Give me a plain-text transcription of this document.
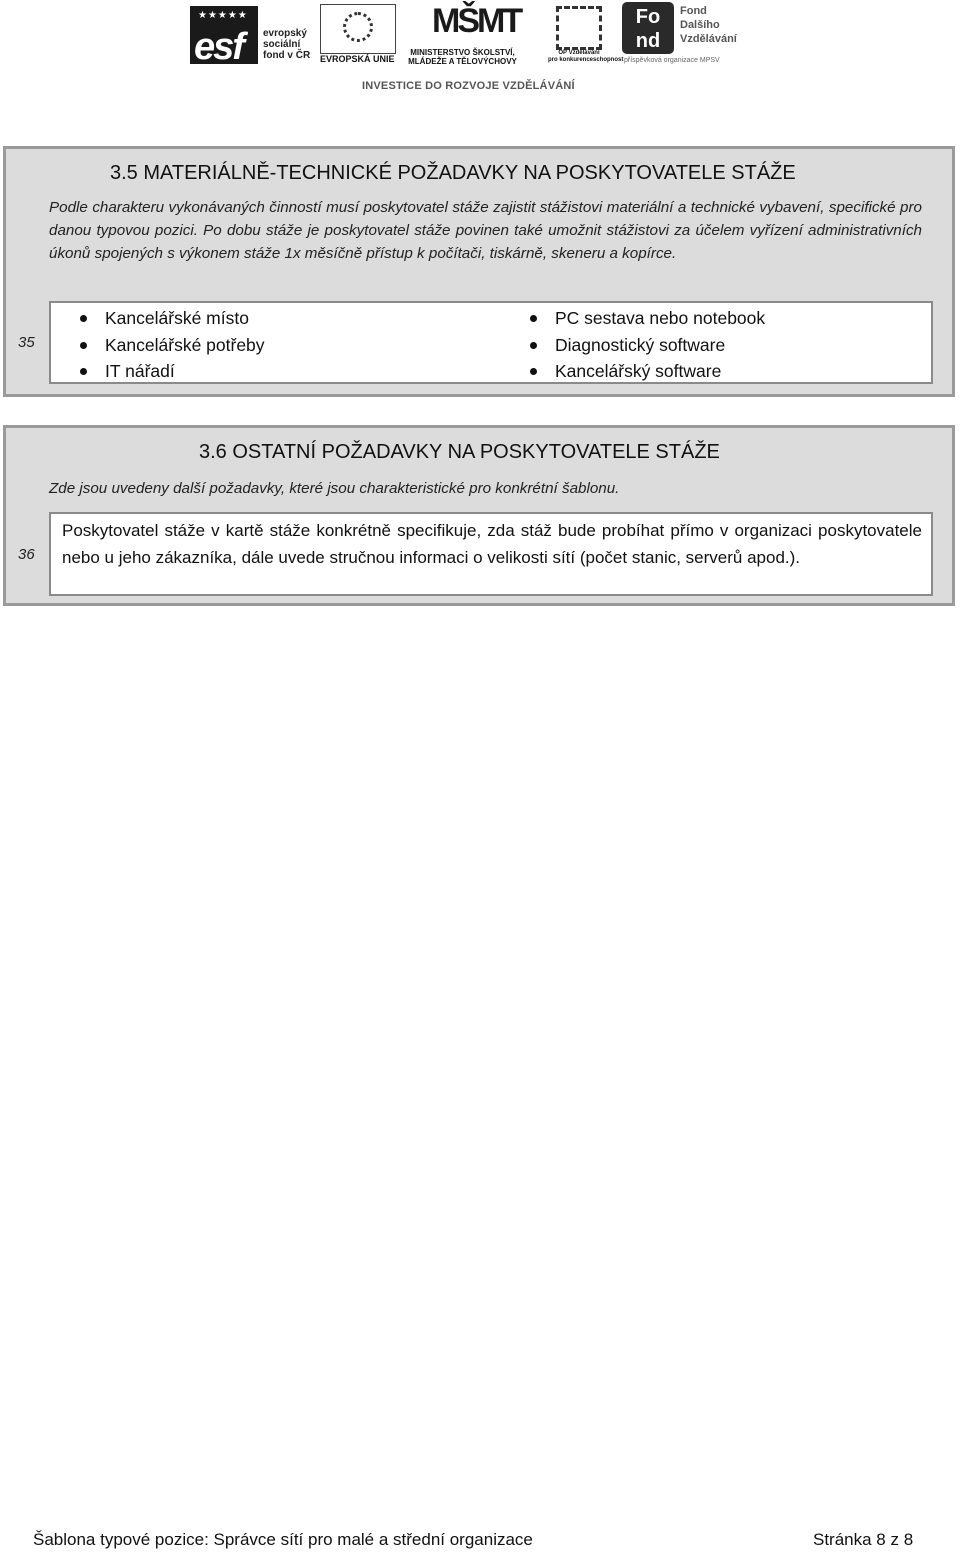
★★★★★
esf evropský
sociální
fond v ČR EVROPSKÁ UNIE
MŠMT
MINISTERSTVO ŠKOLSTVÍ,
MLÁDEŽE A TĚLOVÝCHOVY
OP Vzdělávání
pro konkurenceschopnost
Fo
nd
Fond
Dalšího
Vzdělávání
příspěvková organizace MPSV
INVESTICE DO ROZVOJE VZDĚLÁVÁNÍ
3.5 MATERIÁLNĚ-TECHNICKÉ POŽADAVKY NA POSKYTOVATELE STÁŽE
Podle charakteru vykonávaných činností musí poskytovatel stáže zajistit stážistovi materiální a technické vybavení, specifické pro danou typovou pozici. Po dobu stáže je poskytovatel stáže povinen také umožnit stážistovi za účelem vyřízení administrativních úkonů spojených s výkonem stáže 1x měsíčně přístup k počítači, tiskárně, skeneru a kopírce.
35
Kancelářské místo
Kancelářské potřeby
IT nářadí
PC sestava nebo notebook
Diagnostický software
Kancelářský software
3.6 OSTATNÍ POŽADAVKY NA POSKYTOVATELE STÁŽE
Zde jsou uvedeny další požadavky, které jsou charakteristické pro konkrétní šablonu.
36
Poskytovatel stáže v kartě stáže konkrétně specifikuje, zda stáž bude probíhat přímo v organizaci poskytovatele nebo u jeho zákazníka, dále uvede stručnou informaci o velikosti sítí (počet stanic, serverů apod.).
Šablona typové pozice: Správce sítí pro malé a střední organizace	Stránka 8 z 8
